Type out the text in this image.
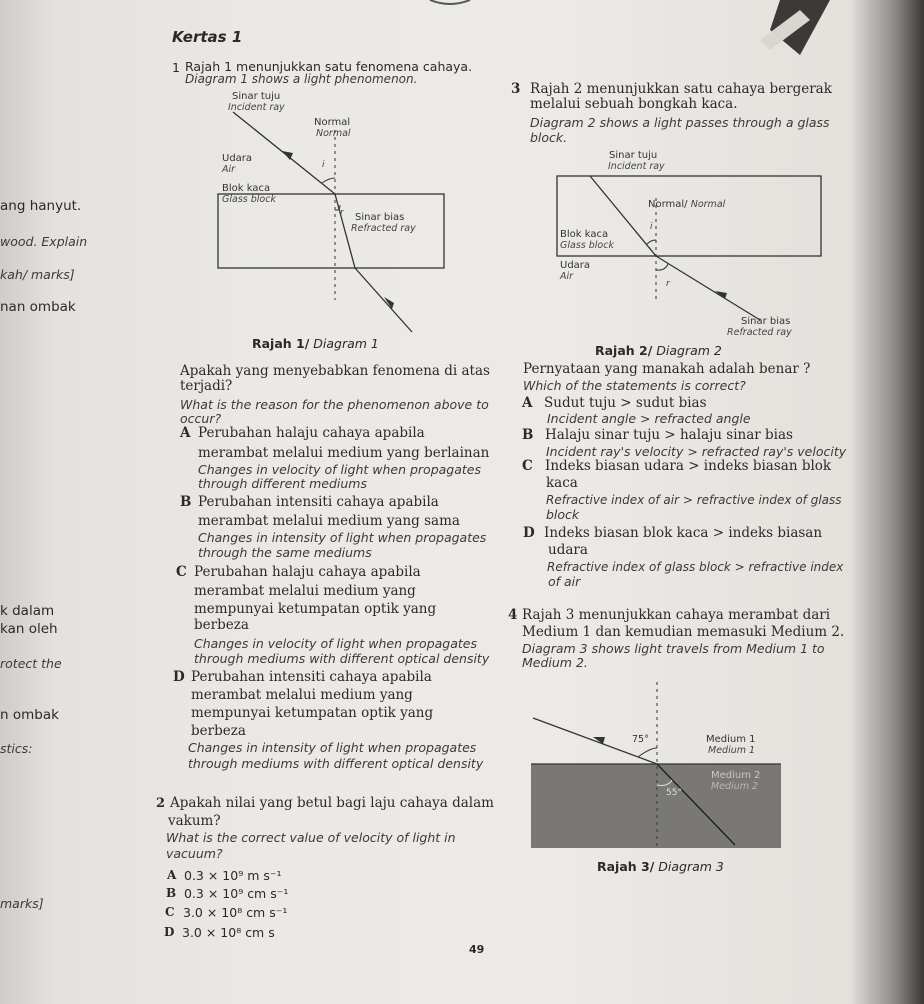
Kertas 1
ang hanyut.
wood. Explain
kah/ marks]
nan ombak
k dalam
kan oleh
rotect the
n ombak
stics:
marks]
1 Rajah 1 menunjukkan satu fenomena cahaya.
Diagram 1 shows a light phenomenon.
Sinar tuju
Incident ray
Normal
Normal
Udara
Air	i
Blok kaca
Glass block
r Sinar bias
Refracted ray
Rajah 1/ Diagram 1
Apakah yang menyebabkan fenomena di atas
terjadi?
What is the reason for the phenomenon above to
occur?
A Perubahan halaju cahaya apabila
merambat melalui medium yang berlainan
Changes in velocity of light when propagates
through different mediums
B Perubahan intensiti cahaya apabila
merambat melalui medium yang sama
Changes in intensity of light when propagates
through the same mediums
C Perubahan halaju cahaya apabila
merambat melalui medium yang
mempunyai ketumpatan optik yang
berbeza
Changes in velocity of light when propagates
through mediums with different optical density
D Perubahan intensiti cahaya apabila
merambat melalui medium yang
mempunyai ketumpatan optik yang
berbeza
Changes in intensity of light when propagates
through mediums with different optical density
2 Apakah nilai yang betul bagi laju cahaya dalam
vakum?
What is the correct value of velocity of light in
vacuum?
A 0.3 × 10⁹ m s⁻¹
B 0.3 × 10⁹ cm s⁻¹
C 3.0 × 10⁸ cm s⁻¹
D 3.0 × 10⁸ cm s
49
3 Rajah 2 menunjukkan satu cahaya bergerak
melalui sebuah bongkah kaca.
Diagram 2 shows a light passes through a glass
block.
Sinar tuju
Incident ray
Normal/ Normal
i
Blok kaca
Glass block
Udara
Air
r
Sinar bias
Refracted ray
Rajah 2/ Diagram 2
Pernyataan yang manakah adalah benar ?
Which of the statements is correct?
A Sudut tuju > sudut bias
Incident angle > refracted angle
B Halaju sinar tuju > halaju sinar bias
Incident ray's velocity > refracted ray's velocity
C Indeks biasan udara > indeks biasan blok
kaca
Refractive index of air > refractive index of glass
block
D Indeks biasan blok kaca > indeks biasan
udara
Refractive index of glass block > refractive index
of air
4 Rajah 3 menunjukkan cahaya merambat dari
Medium 1 dan kemudian memasuki Medium 2.
Diagram 3 shows light travels from Medium 1 to
Medium 2.
75°	Medium 1
Medium 1
Medium 2
Medium 2
55°
Rajah 3/ Diagram 3
